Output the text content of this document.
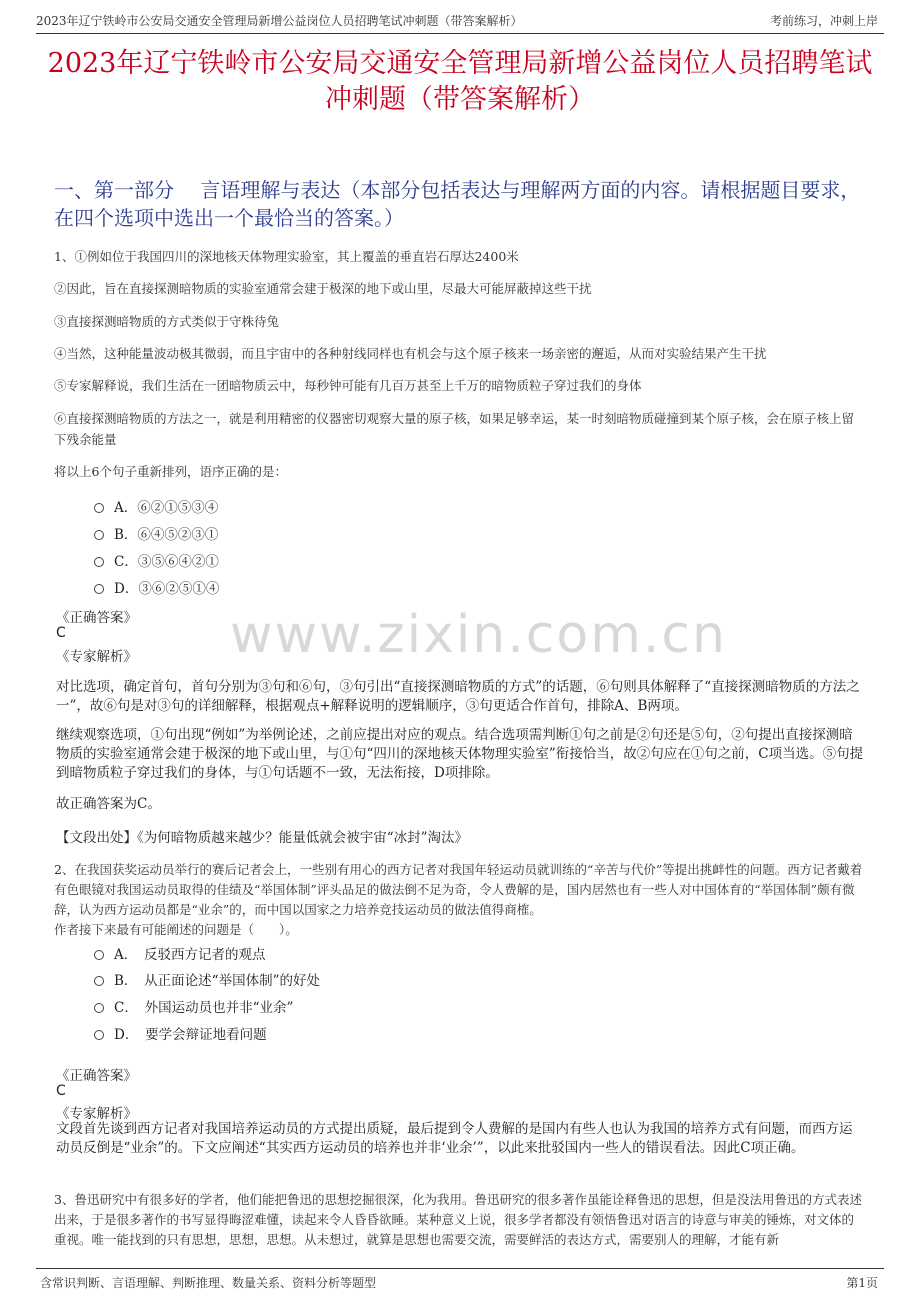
2023年辽宁铁岭市公安局交通安全管理局新增公益岗位人员招聘笔试冲刺题（带答案解析）	考前练习，冲刺上岸
2023年辽宁铁岭市公安局交通安全管理局新增公益岗位人员招聘笔试冲刺题（带答案解析）
一、第一部分　 言语理解与表达（本部分包括表达与理解两方面的内容。请根据题目要求，在四个选项中选出一个最恰当的答案。）
1、①例如位于我国四川的深地核天体物理实验室，其上覆盖的垂直岩石厚达2400米
②因此，旨在直接探测暗物质的实验室通常会建于极深的地下或山里，尽最大可能屏蔽掉这些干扰
③直接探测暗物质的方式类似于守株待兔
④当然，这种能量波动极其微弱，而且宇宙中的各种射线同样也有机会与这个原子核来一场亲密的邂逅，从而对实验结果产生干扰
⑤专家解释说，我们生活在一团暗物质云中，每秒钟可能有几百万甚至上千万的暗物质粒子穿过我们的身体
⑥直接探测暗物质的方法之一，就是利用精密的仪器密切观察大量的原子核，如果足够幸运，某一时刻暗物质碰撞到某个原子核，会在原子核上留下残余能量
将以上6个句子重新排列，语序正确的是：
A．⑥②①⑤③④
B．⑥④⑤②③①
C．③⑤⑥④②①
D．③⑥②⑤①④
《正确答案》
C
《专家解析》
对比选项，确定首句，首句分别为③句和⑥句，③句引出“直接探测暗物质的方式”的话题，⑥句则具体解释了“直接探测暗物质的方法之一”，故⑥句是对③句的详细解释，根据观点+解释说明的逻辑顺序，③句更适合作首句，排除A、B两项。
继续观察选项，①句出现“例如”为举例论述，之前应提出对应的观点。结合选项需判断①句之前是②句还是⑤句，②句提出直接探测暗物质的实验室通常会建于极深的地下或山里，与①句“四川的深地核天体物理实验室”衔接恰当，故②句应在①句之前，C项当选。⑤句提到暗物质粒子穿过我们的身体，与①句话题不一致，无法衔接，D项排除。
故正确答案为C。
【文段出处】《为何暗物质越来越少？能量低就会被宇宙“冰封”淘汰》
2、在我国获奖运动员举行的赛后记者会上，一些别有用心的西方记者对我国年轻运动员就训练的“辛苦与代价”等提出挑衅性的问题。西方记者戴着有色眼镜对我国运动员取得的佳绩及“举国体制”评头品足的做法倒不足为奇，令人费解的是，国内居然也有一些人对中国体育的“举国体制”颇有微辞，认为西方运动员都是“业余”的，而中国以国家之力培养竞技运动员的做法值得商榷。
作者接下来最有可能阐述的问题是（　　）。
A．　反驳西方记者的观点
B．　从正面论述“举国体制”的好处
C．　外国运动员也并非“业余”
D．　要学会辩证地看问题
《正确答案》
C
《专家解析》
文段首先谈到西方记者对我国培养运动员的方式提出质疑，最后提到令人费解的是国内有些人也认为我国的培养方式有问题，而西方运动员反倒是“业余”的。下文应阐述“其实西方运动员的培养也并非‘业余’”，以此来批驳国内一些人的错误看法。因此C项正确。
3、鲁迅研究中有很多好的学者，他们能把鲁迅的思想挖掘很深，化为我用。鲁迅研究的很多著作虽能诠释鲁迅的思想，但是没法用鲁迅的方式表述出来，于是很多著作的书写显得晦涩难懂，读起来令人昏昏欲睡。某种意义上说，很多学者都没有领悟鲁迅对语言的诗意与审美的锤炼，对文体的重视。唯一能找到的只有思想，思想，思想。从未想过，就算是思想也需要交流，需要鲜活的表达方式，需要别人的理解，才能有新
www.zixin.com.cn
含常识判断、言语理解、判断推理、数量关系、资料分析等题型	第1页
